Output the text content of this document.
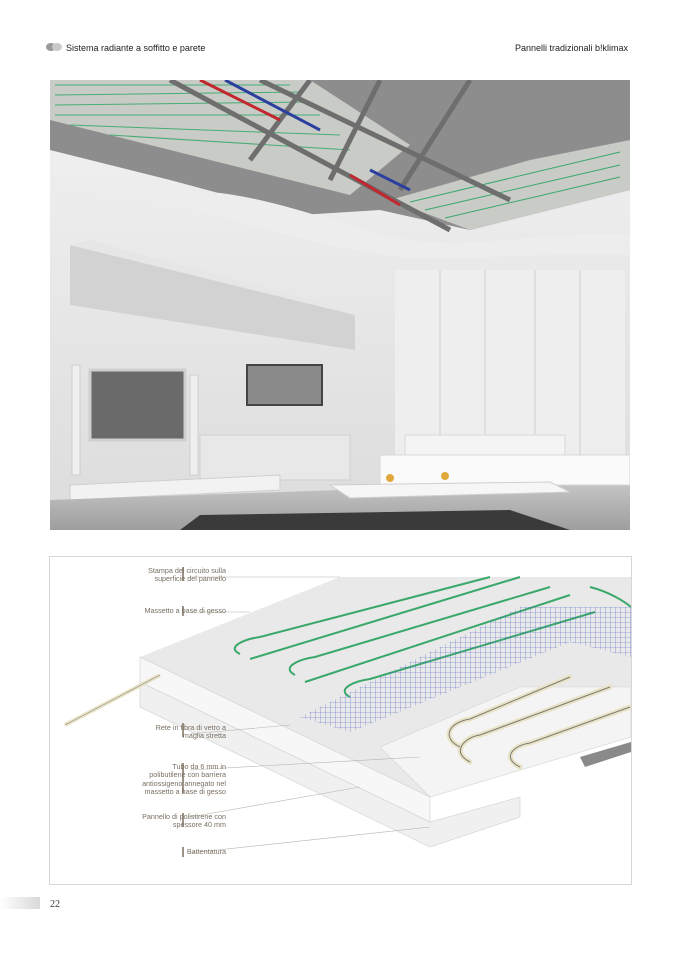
Sistema radiante a soffitto e parete	Pannelli tradizionali b!klimax
Stampa del circuito sulla superficie del pannello
Massetto a base di gesso
Rete in fibra di vetro a maglia stretta
Tubo da 6 mm in polibutilene con barriera antiossigeno annegato nel massetto a base di gesso
Pannello di polistirene con spessore 40 mm
Battentatura
22
